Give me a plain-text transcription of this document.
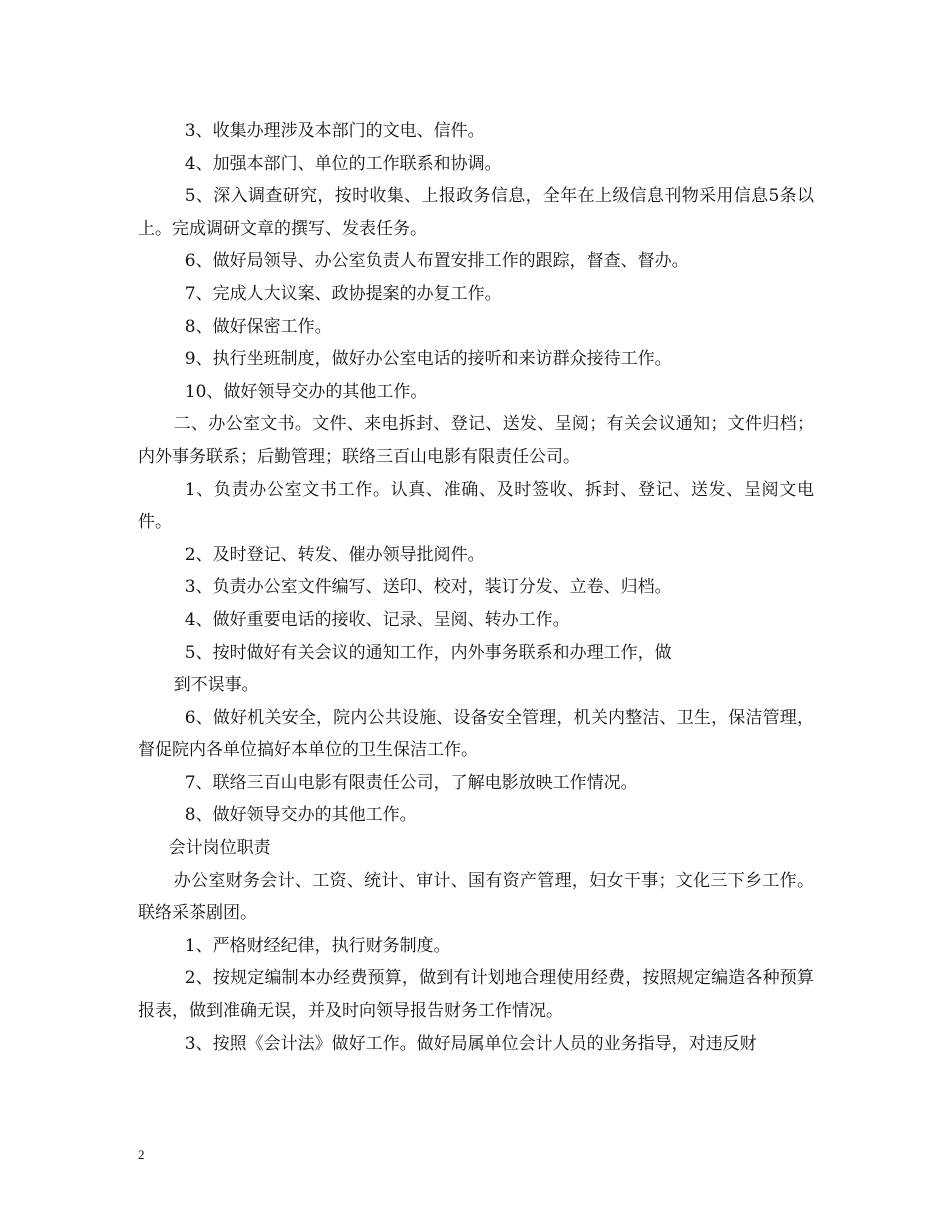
3、收集办理涉及本部门的文电、信件。

4、加强本部门、单位的工作联系和协调。

5、深入调查研究，按时收集、上报政务信息，全年在上级信息刊物采用信息5条以上。完成调研文章的撰写、发表任务。

6、做好局领导、办公室负责人布置安排工作的跟踪，督查、督办。

7、完成人大议案、政协提案的办复工作。

8、做好保密工作。

9、执行坐班制度，做好办公室电话的接听和来访群众接待工作。

10、做好领导交办的其他工作。

二、办公室文书。文件、来电拆封、登记、送发、呈阅；有关会议通知；文件归档；内外事务联系；后勤管理；联络三百山电影有限责任公司。

1、负责办公室文书工作。认真、准确、及时签收、拆封、登记、送发、呈阅文电件。

2、及时登记、转发、催办领导批阅件。

3、负责办公室文件编写、送印、校对，装订分发、立卷、归档。

4、做好重要电话的接收、记录、呈阅、转办工作。

5、按时做好有关会议的通知工作，内外事务联系和办理工作，做

到不误事。

6、做好机关安全，院内公共设施、设备安全管理，机关内整洁、卫生，保洁管理，督促院内各单位搞好本单位的卫生保洁工作。

7、联络三百山电影有限责任公司，了解电影放映工作情况。

8、做好领导交办的其他工作。

会计岗位职责

办公室财务会计、工资、统计、审计、国有资产管理，妇女干事；文化三下乡工作。联络采茶剧团。

1、严格财经纪律，执行财务制度。

2、按规定编制本办经费预算，做到有计划地合理使用经费，按照规定编造各种预算报表，做到准确无误，并及时向领导报告财务工作情况。

3、按照《会计法》做好工作。做好局属单位会计人员的业务指导，对违反财

2
